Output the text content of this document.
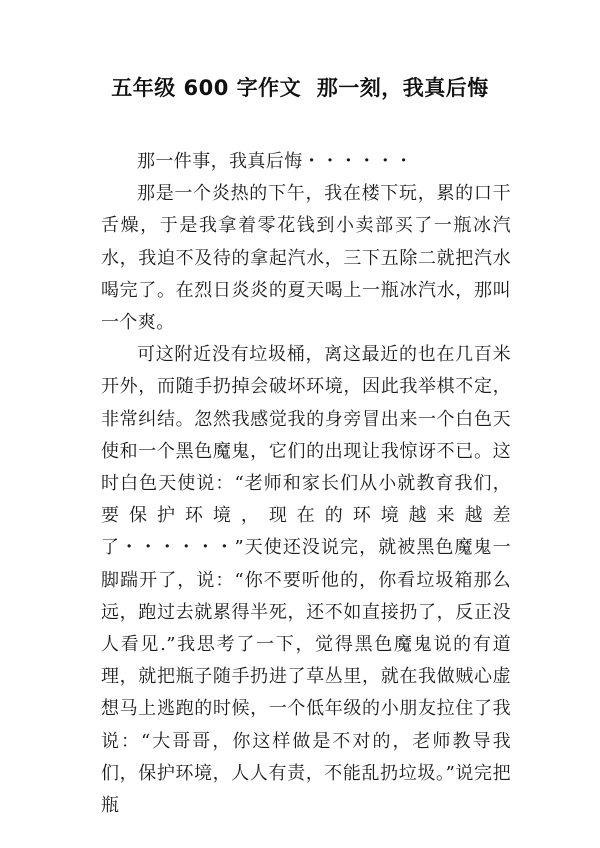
五年级 600 字作文  那一刻，我真后悔

那一件事，我真后悔・・・・・・

那是一个炎热的下午，我在楼下玩，累的口干舌燥，于是我拿着零花钱到小卖部买了一瓶冰汽水，我迫不及待的拿起汽水，三下五除二就把汽水喝完了。在烈日炎炎的夏天喝上一瓶冰汽水，那叫一个爽。

可这附近没有垃圾桶，离这最近的也在几百米开外，而随手扔掉会破坏环境，因此我举棋不定，非常纠结。忽然我感觉我的身旁冒出来一个白色天使和一个黑色魔鬼，它们的出现让我惊讶不已。这时白色天使说：“老师和家长们从小就教育我们，要保护环境，现在的环境越来越差了・・・・・・”天使还没说完，就被黑色魔鬼一脚踹开了，说：“你不要听他的，你看垃圾箱那么远，跑过去就累得半死，还不如直接扔了，反正没人看见.”我思考了一下，觉得黑色魔鬼说的有道理，就把瓶子随手扔进了草丛里，就在我做贼心虚想马上逃跑的时候，一个低年级的小朋友拉住了我说：“大哥哥，你这样做是不对的，老师教导我们，保护环境，人人有责，不能乱扔垃圾。”说完把瓶
